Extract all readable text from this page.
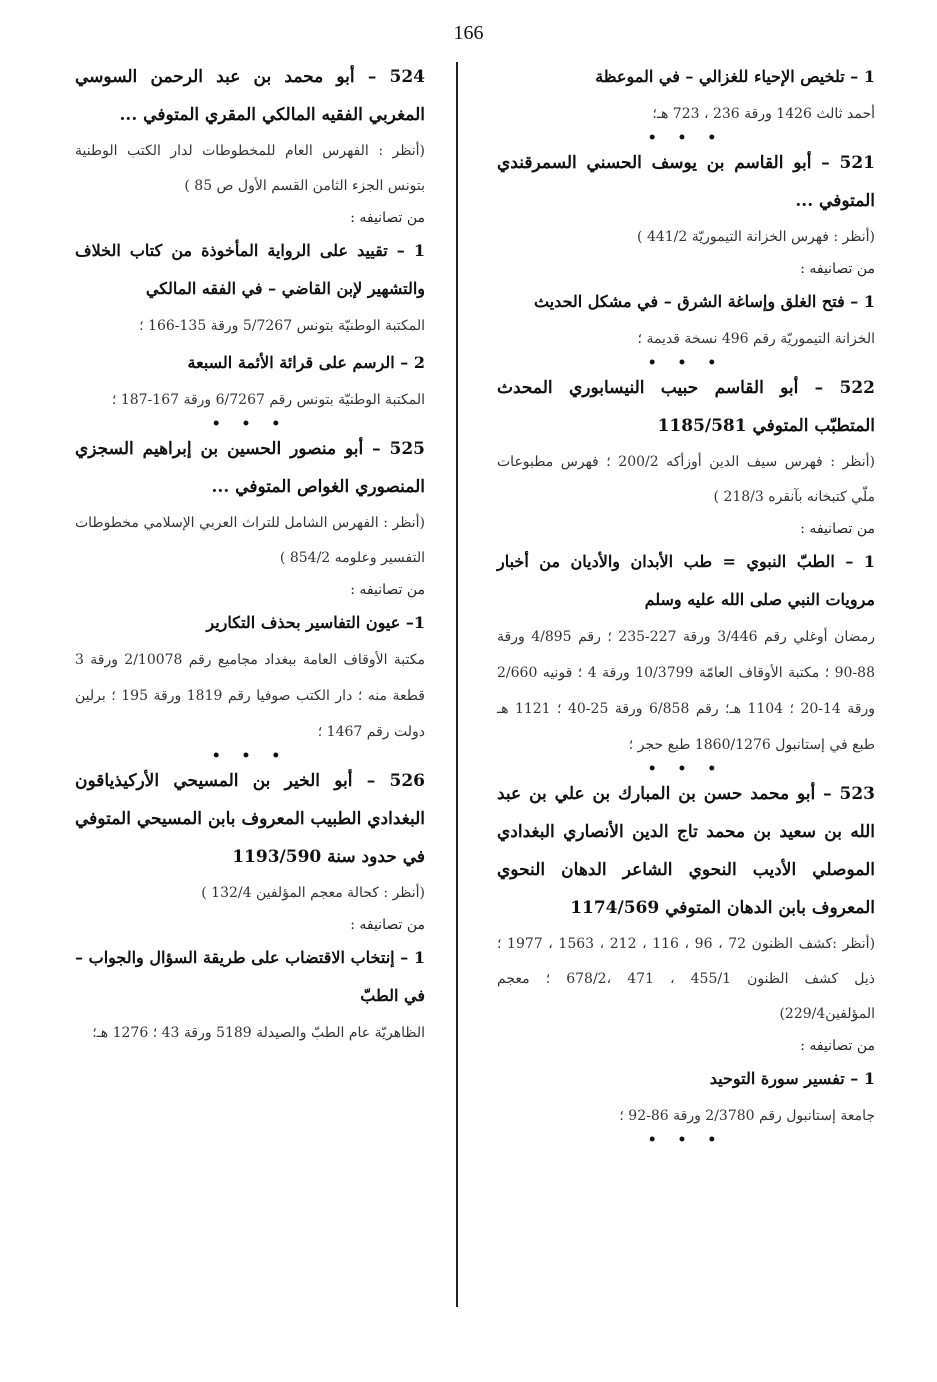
166
1 – تلخيص الإحياء للغزالي – في الموعظة
أحمد ثالث 1426 ورقة 236 ، 723 هـ؛
• • •
521 – أبو القاسم بن يوسف الحسني السمرقندي المتوفي ...
(أنظر : فهرس الخزانة التيموريّة 441/2 )
من تصانيفه :
1 – فتح الغلق وإساغة الشرق – في مشكل الحديث
الخزانة التيموريّة رقم 496 نسخة قديمة ؛
• • •
522 – أبو القاسم حبيب النيسابوري المحدث المتطبّب المتوفي 1185/581
(أنظر : فهرس سيف الدين أوزأكه 200/2 ؛ فهرس مطبوعات ملّي كتبخانه بآنقره 218/3 )
من تصانيفه :
1 – الطبّ النبوي = طب الأبدان والأديان من أخبار مرويات النبي صلى الله عليه وسلم
رمضان أوغلي رقم 3/446 ورقة 227-235 ؛ رقم 4/895 ورقة 88-90 ؛ مكتبة الأوقاف العامّة 10/3799 ورقة 4 ؛ قونيه 2/660 ورقة 14-20 ؛ 1104 هـ؛ رقم 6/858 ورقة 25-40 ؛ 1121 هـ طبع في إستانبول 1860/1276 طبع حجر ؛
• • •
523 – أبو محمد حسن بن المبارك بن علي بن عبد الله بن سعيد بن محمد تاج الدين الأنصاري البغدادي الموصلي الأديب النحوي الشاعر الدهان النحوي المعروف بابن الدهان المتوفي 1174/569
(أنظر :كشف الظنون 72 ، 96 ، 116 ، 212 ، 1563 ، 1977 ؛ ذيل كشف الظنون 455/1 ، 471 ،678/2 ؛ معجم المؤلفين229/4)
من تصانيفه :
1 – تفسير سورة التوحيد
جامعة إستانبول رقم 2/3780 ورقة 86-92 ؛
• • •
524 – أبو محمد بن عبد الرحمن السوسي المغربي الفقيه المالكي المقري المتوفي ...
(أنظر : الفهرس العام للمخطوطات لدار الكتب الوطنية بتونس الجزء الثامن القسم الأول ص 85 )
من تصانيفه :
1 – تقييد على الرواية المأخوذة من كتاب الخلاف والتشهير لإبن القاضي – في الفقه المالكي
المكتبة الوطنيّة بتونس 5/7267 ورقة 135-166 ؛
2 – الرسم على قرائة الأئمة السبعة
المكتبة الوطنيّة بتونس رقم 6/7267 ورقة 167-187 ؛
• • •
525 – أبو منصور الحسين بن إبراهيم السجزي المنصوري الغواص المتوفي ...
(أنظر : الفهرس الشامل للتراث العربي الإسلامي مخطوطات التفسير وعلومه 854/2 )
من تصانيفه :
1– عيون التفاسير بحذف التكارير
مكتبة الأوقاف العامة ببغداد مجاميع رقم 2/10078 ورقة 3 قطعة منه ؛ دار الكتب صوفيا رقم 1819 ورقة 195 ؛ برلين دولت رقم 1467 ؛
• • •
526 – أبو الخير بن المسيحي الأركيذياقون البغدادي الطبيب المعروف بابن المسيحي المتوفي في حدود سنة 1193/590
(أنظر : كحالة معجم المؤلفين 132/4 )
من تصانيفه :
1 – إنتخاب الاقتضاب على طريقة السؤال والجواب – في الطبّ
الظاهريّة عام الطبّ والصيدلة 5189 ورقة 43 ؛ 1276 هـ؛
